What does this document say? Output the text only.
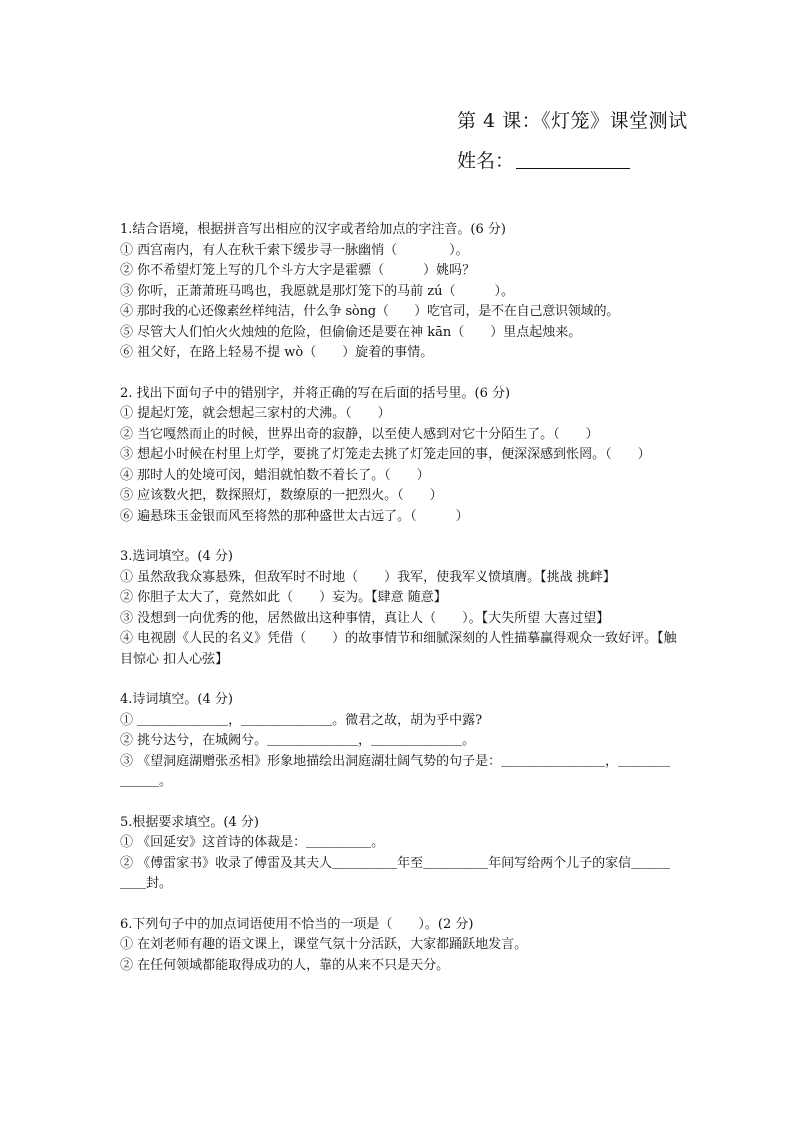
第 4 课：《灯笼》课堂测试
姓名：
1.结合语境，根据拼音写出相应的汉字或者给加点的字注音。(6 分)
① 西宫南内，有人在秋千索下缓步寻一脉幽悄（　　　　）。
② 你不希望灯笼上写的几个斗方大字是霍骠（　　　）姚吗？
③ 你听，正萧萧班马鸣也，我愿就是那灯笼下的马前 zú（　　　）。
④ 那时我的心还像素丝样纯洁，什么争 sòng（　　）吃官司，是不在自己意识领域的。
⑤ 尽管大人们怕火火烛烛的危险，但偷偷还是要在神 kān（　　）里点起烛来。
⑥ 祖父好，在路上轻易不提 wò（　　）旋着的事情。
2. 找出下面句子中的错别字，并将正确的写在后面的括号里。(6 分)
① 提起灯笼，就会想起三家村的犬沸。（　　）
② 当它嘎然而止的时候，世界出奇的寂静，以至使人感到对它十分陌生了。（　　）
③ 想起小时候在村里上灯学，要挑了灯笼走去挑了灯笼走回的事，便深深感到怅罔。（　　）
④ 那时人的处境可闵，蜡泪就怕数不着长了。（　　）
⑤ 应该数火把，数探照灯，数缭原的一把烈火。（　　）
⑥ 遍悬珠玉金银而风至将然的那种盛世太古远了。（　　　）
3.选词填空。(4 分)
① 虽然敌我众寡悬殊，但敌军时不时地（　　）我军，使我军义愤填膺。【挑战 挑衅】
② 你胆子太大了，竟然如此（　　）妄为。【肆意 随意】
③ 没想到一向优秀的他，居然做出这种事情，真让人（　　）。【大失所望 大喜过望】
④ 电视剧《人民的名义》凭借（　　）的故事情节和细腻深刻的人性描摹赢得观众一致好评。【触目惊心 扣人心弦】
4.诗词填空。(4 分)
① ＿＿＿＿＿＿＿，＿＿＿＿＿＿＿。微君之故，胡为乎中露?
② 挑兮达兮，在城阙兮。＿＿＿＿＿＿＿，＿＿＿＿＿＿＿。
③ 《望洞庭湖赠张丞相》形象地描绘出洞庭湖壮阔气势的句子是：＿＿＿＿＿＿＿＿，＿＿＿＿＿＿＿。
5.根据要求填空。(4 分)
① 《回延安》这首诗的体裁是：＿＿＿＿＿。
② 《傅雷家书》收录了傅雷及其夫人＿＿＿＿＿年至＿＿＿＿＿年间写给两个儿子的家信＿＿＿＿＿封。
6.下列句子中的加点词语使用不恰当的一项是（　　）。(2 分)
① 在刘老师有趣的语文课上，课堂气氛十分活跃，大家都踊跃地发言。
② 在任何领域都能取得成功的人，靠的从来不只是天分。
